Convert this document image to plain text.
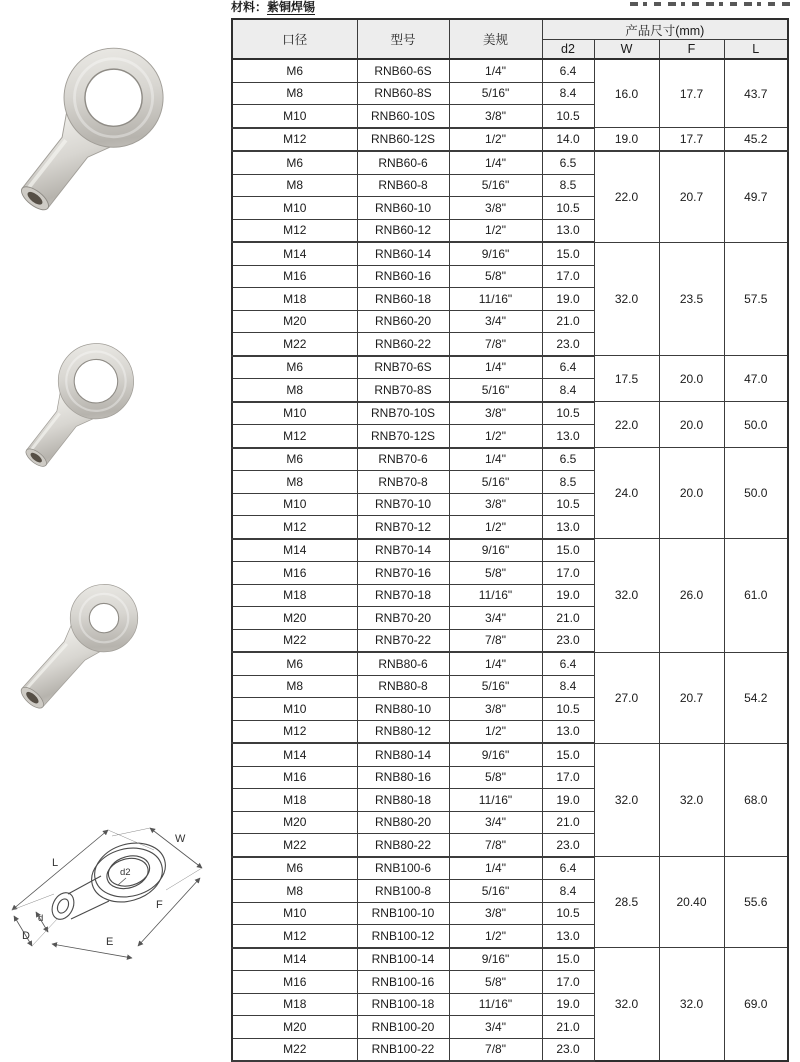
材料：紫铜焊锡
L
W
d2
F
E
d
D
口径	型号	美规	产品尺寸(mm)			
			d2	W	F	L
M6	RNB60-6S	1/4"	6.4	16.0	17.7	43.7
M8	RNB60-8S	5/16"	8.4			
M10	RNB60-10S	3/8"	10.5			
M12	RNB60-12S	1/2"	14.0	19.0	17.7	45.2
M6	RNB60-6	1/4"	6.5	22.0	20.7	49.7
M8	RNB60-8	5/16"	8.5			
M10	RNB60-10	3/8"	10.5			
M12	RNB60-12	1/2"	13.0			
M14	RNB60-14	9/16"	15.0	32.0	23.5	57.5
M16	RNB60-16	5/8"	17.0			
M18	RNB60-18	11/16"	19.0			
M20	RNB60-20	3/4"	21.0			
M22	RNB60-22	7/8"	23.0			
M6	RNB70-6S	1/4"	6.4	17.5	20.0	47.0
M8	RNB70-8S	5/16"	8.4			
M10	RNB70-10S	3/8"	10.5	22.0	20.0	50.0
M12	RNB70-12S	1/2"	13.0			
M6	RNB70-6	1/4"	6.5	24.0	20.0	50.0
M8	RNB70-8	5/16"	8.5			
M10	RNB70-10	3/8"	10.5			
M12	RNB70-12	1/2"	13.0			
M14	RNB70-14	9/16"	15.0	32.0	26.0	61.0
M16	RNB70-16	5/8"	17.0			
M18	RNB70-18	11/16"	19.0			
M20	RNB70-20	3/4"	21.0			
M22	RNB70-22	7/8"	23.0			
M6	RNB80-6	1/4"	6.4	27.0	20.7	54.2
M8	RNB80-8	5/16"	8.4			
M10	RNB80-10	3/8"	10.5			
M12	RNB80-12	1/2"	13.0			
M14	RNB80-14	9/16"	15.0	32.0	32.0	68.0
M16	RNB80-16	5/8"	17.0			
M18	RNB80-18	11/16"	19.0			
M20	RNB80-20	3/4"	21.0			
M22	RNB80-22	7/8"	23.0			
M6	RNB100-6	1/4"	6.4	28.5	20.40	55.6
M8	RNB100-8	5/16"	8.4			
M10	RNB100-10	3/8"	10.5			
M12	RNB100-12	1/2"	13.0			
M14	RNB100-14	9/16"	15.0	32.0	32.0	69.0
M16	RNB100-16	5/8"	17.0			
M18	RNB100-18	11/16"	19.0			
M20	RNB100-20	3/4"	21.0			
M22	RNB100-22	7/8"	23.0			
